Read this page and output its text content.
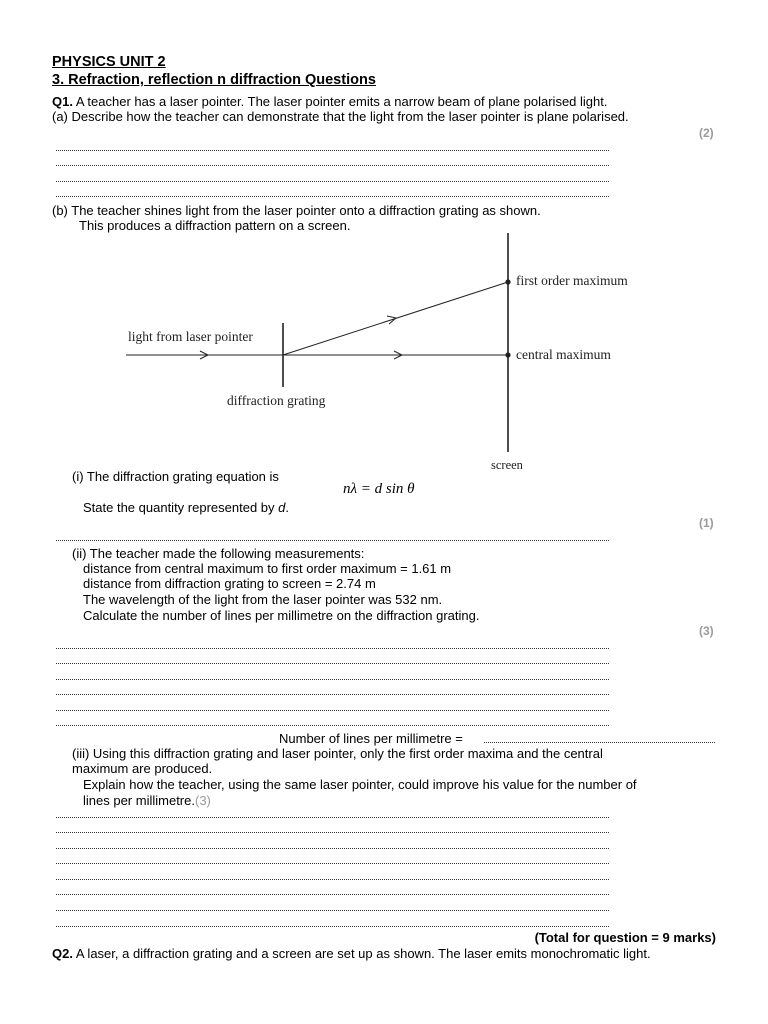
PHYSICS UNIT 2
3. Refraction, reflection n diffraction Questions
Q1. A teacher has a laser pointer. The laser pointer emits a narrow beam of plane polarised light.
(a) Describe how the teacher can demonstrate that the light from the laser pointer is plane polarised.
(2)
(b) The teacher shines light from the laser pointer onto a diffraction grating as shown.
This produces a diffraction pattern on a screen.
light from laser pointer
diffraction grating
first order maximum
central maximum
screen
(i) The diffraction grating equation is
nλ = d sin θ
State the quantity represented by d.
(1)
(ii) The teacher made the following measurements:
distance from central maximum to first order maximum = 1.61 m
distance from diffraction grating to screen = 2.74 m
The wavelength of the light from the laser pointer was 532 nm.
Calculate the number of lines per millimetre on the diffraction grating.
(3)
Number of lines per millimetre =
(iii) Using this diffraction grating and laser pointer, only the first order maxima and the central
maximum are produced.
Explain how the teacher, using the same laser pointer, could improve his value for the number of
lines per millimetre.(3)
(Total for question = 9 marks)
Q2. A laser, a diffraction grating and a screen are set up as shown. The laser emits monochromatic light.
